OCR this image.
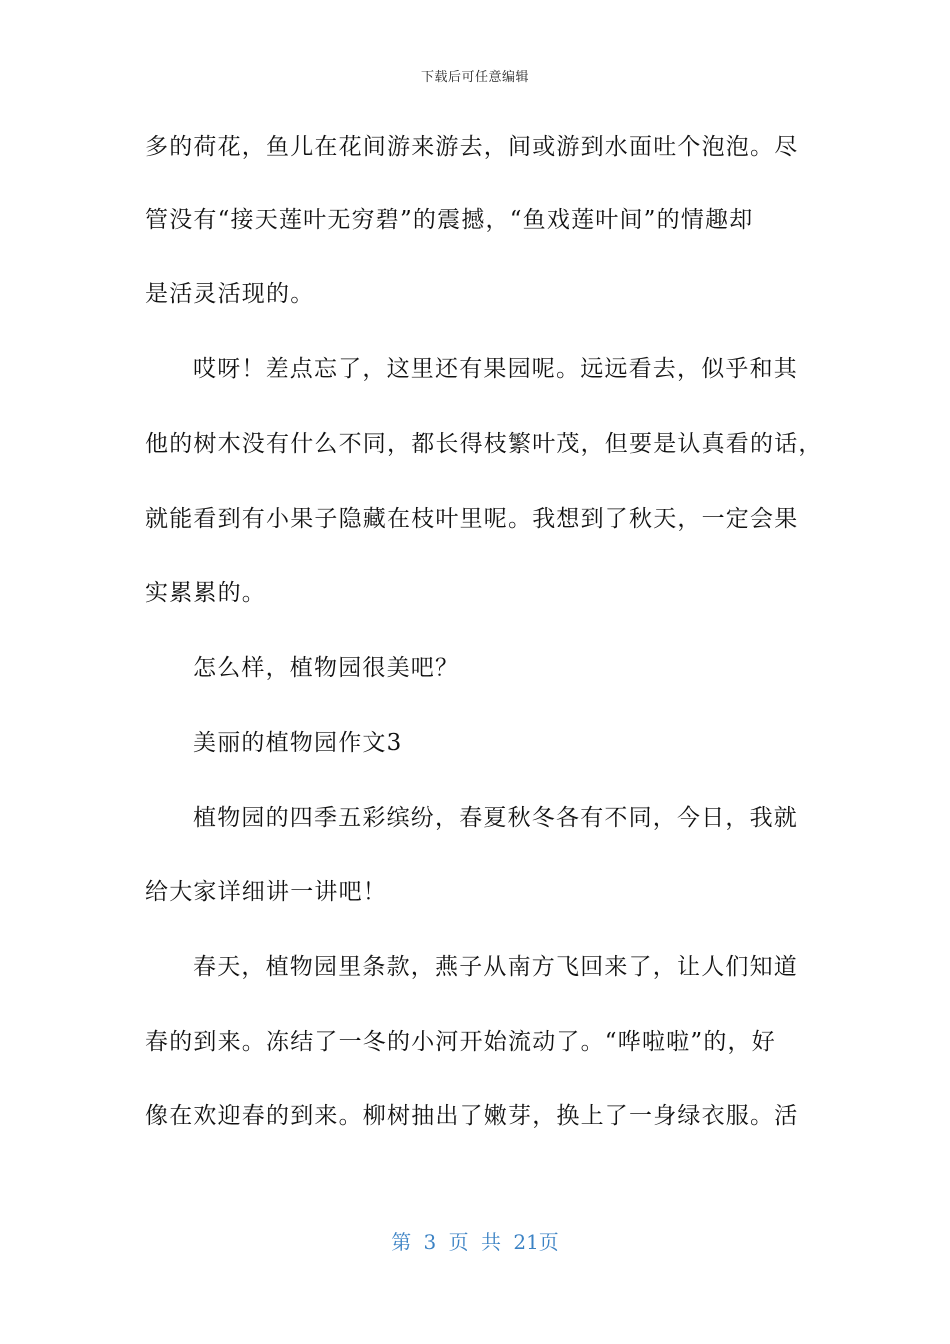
下载后可任意编辑
多的荷花，鱼儿在花间游来游去，间或游到水面吐个泡泡。尽
管没有“接天莲叶无穷碧”的震撼，“鱼戏莲叶间”的情趣却
是活灵活现的。
哎呀！差点忘了，这里还有果园呢。远远看去，似乎和其
他的树木没有什么不同，都长得枝繁叶茂，但要是认真看的话，
就能看到有小果子隐藏在枝叶里呢。我想到了秋天，一定会果
实累累的。
怎么样，植物园很美吧？
美丽的植物园作文3
植物园的四季五彩缤纷，春夏秋冬各有不同，今日，我就
给大家详细讲一讲吧！
春天，植物园里条款，燕子从南方飞回来了，让人们知道
春的到来。冻结了一冬的小河开始流动了。“哗啦啦”的，好
像在欢迎春的到来。柳树抽出了嫩芽，换上了一身绿衣服。活
第 3 页 共 21页
